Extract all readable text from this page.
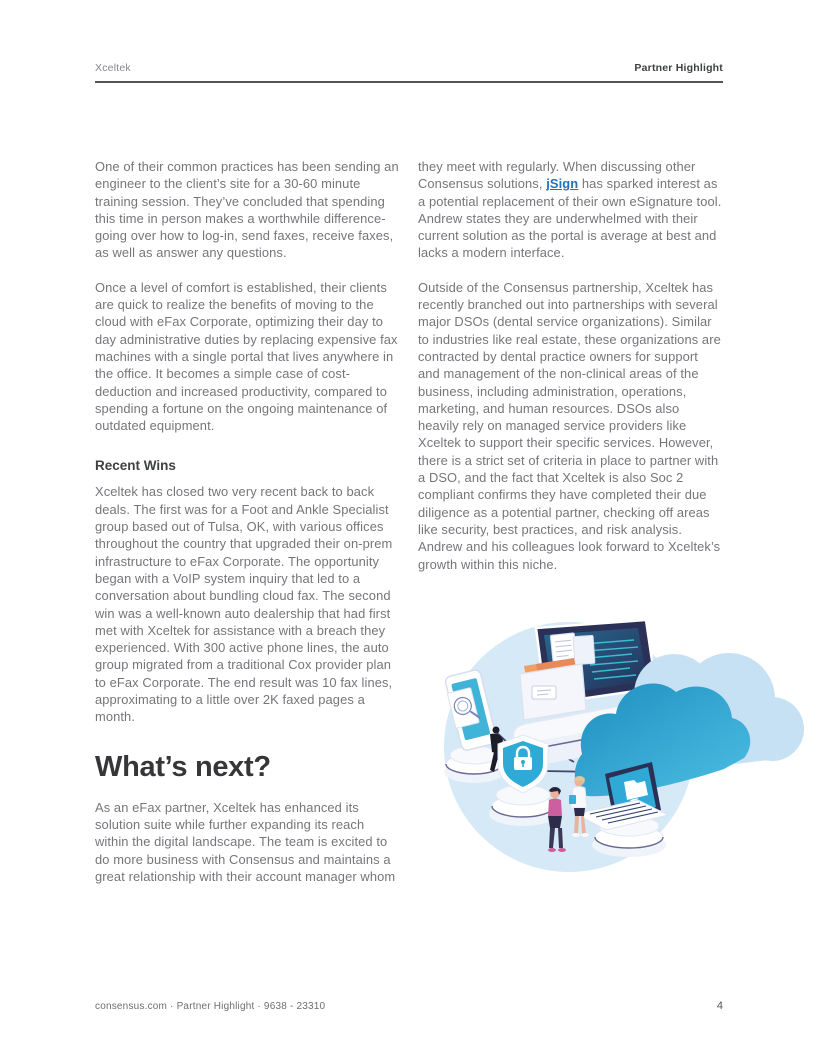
Xceltek	Partner Highlight

One of their common practices has been sending an engineer to the client’s site for a 30-60 minute training session. They’ve concluded that spending this time in person makes a worthwhile difference- going over how to log-in, send faxes, receive faxes, as well as answer any questions.

Once a level of comfort is established, their clients are quick to realize the benefits of moving to the cloud with eFax Corporate, optimizing their day to day administrative duties by replacing expensive fax machines with a single portal that lives anywhere in the office. It becomes a simple case of cost-deduction and increased productivity, compared to spending a fortune on the ongoing maintenance of outdated equipment.

Recent Wins

Xceltek has closed two very recent back to back deals. The first was for a Foot and Ankle Specialist group based out of Tulsa, OK, with various offices throughout the country that upgraded their on-prem infrastructure to eFax Corporate. The opportunity began with a VoIP system inquiry that led to a conversation about bundling cloud fax. The second win was a well-known auto dealership that had first met with Xceltek for assistance with a breach they experienced. With 300 active phone lines, the auto group migrated from a traditional Cox provider plan to eFax Corporate. The end result was 10 fax lines, approximating to a little over 2K faxed pages a month.

What’s next?

As an eFax partner, Xceltek has enhanced its solution suite while further expanding its reach within the digital landscape. The team is excited to do more business with Consensus and maintains a great relationship with their account manager whom

they meet with regularly. When discussing other Consensus solutions, jSign has sparked interest as a potential replacement of their own eSignature tool. Andrew states they are underwhelmed with their current solution as the portal is average at best and lacks a modern interface.

Outside of the Consensus partnership, Xceltek has recently branched out into partnerships with several major DSOs (dental service organizations). Similar to industries like real estate, these organizations are contracted by dental practice owners for support and management of the non-clinical areas of the business, including administration, operations, marketing, and human resources. DSOs also heavily rely on managed service providers like Xceltek to support their specific services. However, there is a strict set of criteria in place to partner with a DSO, and the fact that Xceltek is also Soc 2 compliant confirms they have completed their due diligence as a potential partner, checking off areas like security, best practices, and risk analysis. Andrew and his colleagues look forward to Xceltek’s growth within this niche.

consensus.com · Partner Highlight · 9638 - 23310	4
